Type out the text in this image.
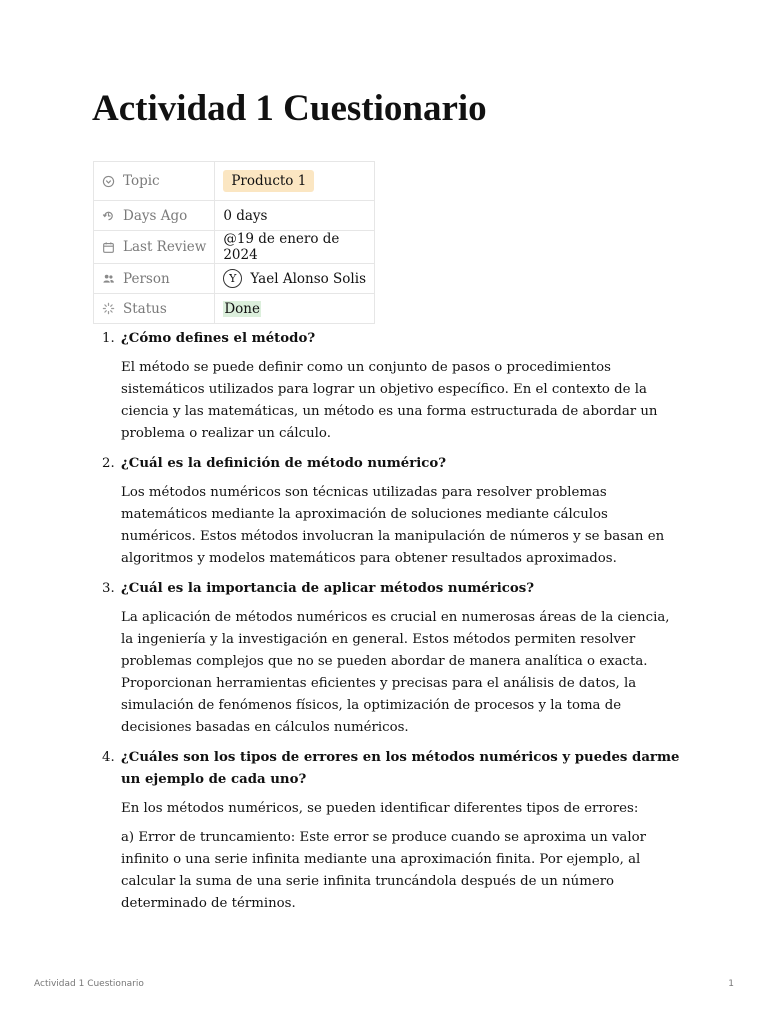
Actividad 1 Cuestionario
Topic	Producto 1

Days Ago	0 days

Last Review	@19 de enero de 2024

Person	Y Yael Alonso Solis

Status	Done
1. ¿Cómo defines el método?

El método se puede definir como un conjunto de pasos o procedimientos sistemáticos utilizados para lograr un objetivo específico. En el contexto de la ciencia y las matemáticas, un método es una forma estructurada de abordar un problema o realizar un cálculo.

2. ¿Cuál es la definición de método numérico?

Los métodos numéricos son técnicas utilizadas para resolver problemas matemáticos mediante la aproximación de soluciones mediante cálculos numéricos. Estos métodos involucran la manipulación de números y se basan en algoritmos y modelos matemáticos para obtener resultados aproximados.

3. ¿Cuál es la importancia de aplicar métodos numéricos?

La aplicación de métodos numéricos es crucial en numerosas áreas de la ciencia, la ingeniería y la investigación en general. Estos métodos permiten resolver problemas complejos que no se pueden abordar de manera analítica o exacta. Proporcionan herramientas eficientes y precisas para el análisis de datos, la simulación de fenómenos físicos, la optimización de procesos y la toma de decisiones basadas en cálculos numéricos.

4. ¿Cuáles son los tipos de errores en los métodos numéricos y puedes darme un ejemplo de cada uno?

En los métodos numéricos, se pueden identificar diferentes tipos de errores:

a) Error de truncamiento: Este error se produce cuando se aproxima un valor infinito o una serie infinita mediante una aproximación finita. Por ejemplo, al calcular la suma de una serie infinita truncándola después de un número determinado de términos.

Actividad 1 Cuestionario	1
